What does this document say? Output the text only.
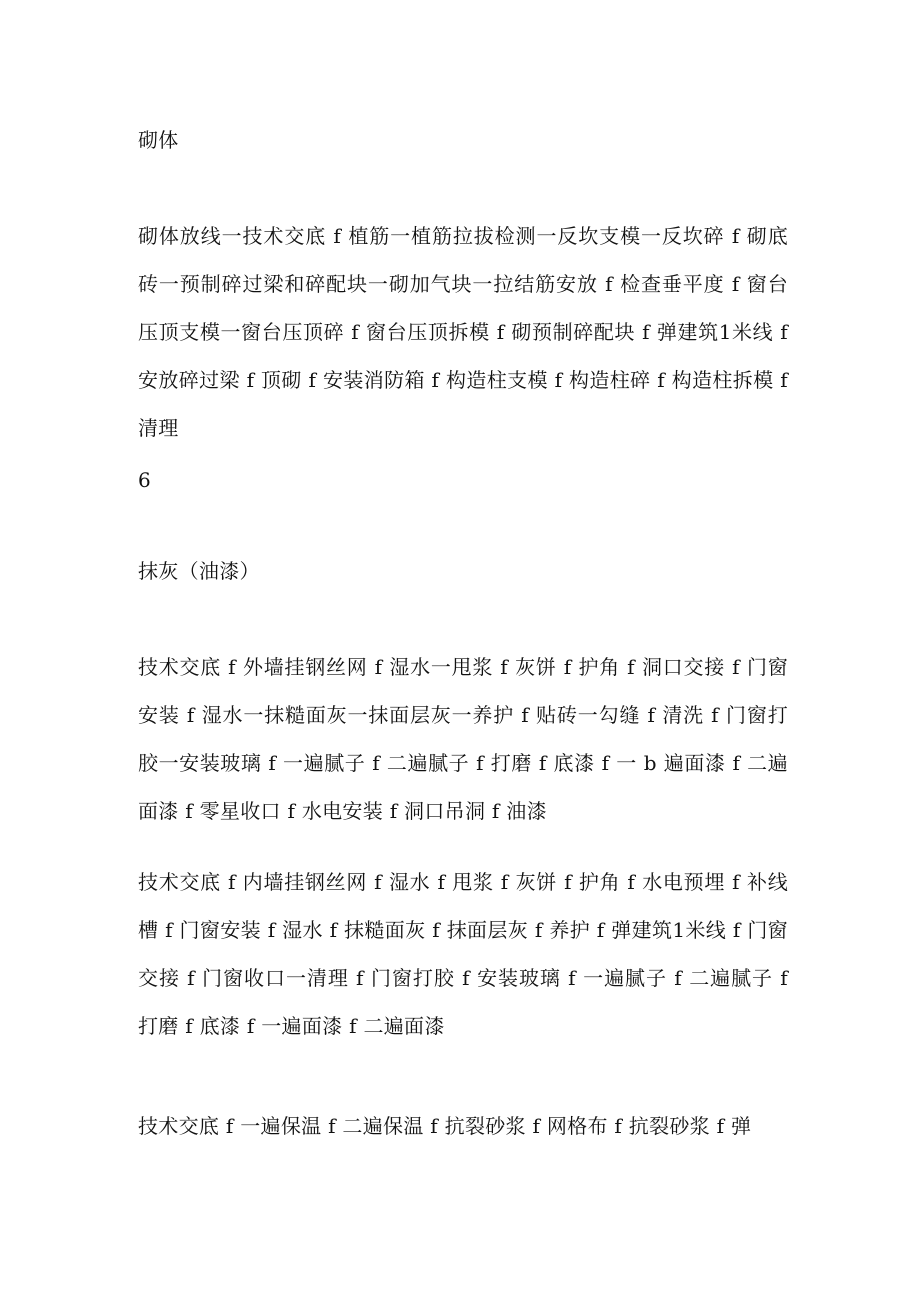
砌体

砌体放线一技术交底 f 植筋一植筋拉拔检测一反坎支模一反坎碎 f 砌底砖一预制碎过梁和碎配块一砌加气块一拉结筋安放 f 检查垂平度 f 窗台压顶支模一窗台压顶碎 f 窗台压顶拆模 f 砌预制碎配块 f 弹建筑1米线 f 安放碎过梁 f 顶砌 f 安装消防箱 f 构造柱支模 f 构造柱碎 f 构造柱拆模 f 清理

6

抹灰（油漆）

技术交底 f 外墙挂钢丝网 f 湿水一甩浆 f 灰饼 f 护角 f 洞口交接 f 门窗安装 f 湿水一抹糙面灰一抹面层灰一养护 f 贴砖一勾缝 f 清洗 f 门窗打胶一安装玻璃 f 一遍腻子 f 二遍腻子 f 打磨 f 底漆 f 一 b 遍面漆 f 二遍面漆 f 零星收口 f 水电安装 f 洞口吊洞 f 油漆

技术交底 f 内墙挂钢丝网 f 湿水 f 甩浆 f 灰饼 f 护角 f 水电预埋 f 补线槽 f 门窗安装 f 湿水 f 抹糙面灰 f 抹面层灰 f 养护 f 弹建筑1米线 f 门窗交接 f 门窗收口一清理 f 门窗打胶 f 安装玻璃 f 一遍腻子 f 二遍腻子 f 打磨 f 底漆 f 一遍面漆 f 二遍面漆

技术交底 f 一遍保温 f 二遍保温 f 抗裂砂浆 f 网格布 f 抗裂砂浆 f 弹
